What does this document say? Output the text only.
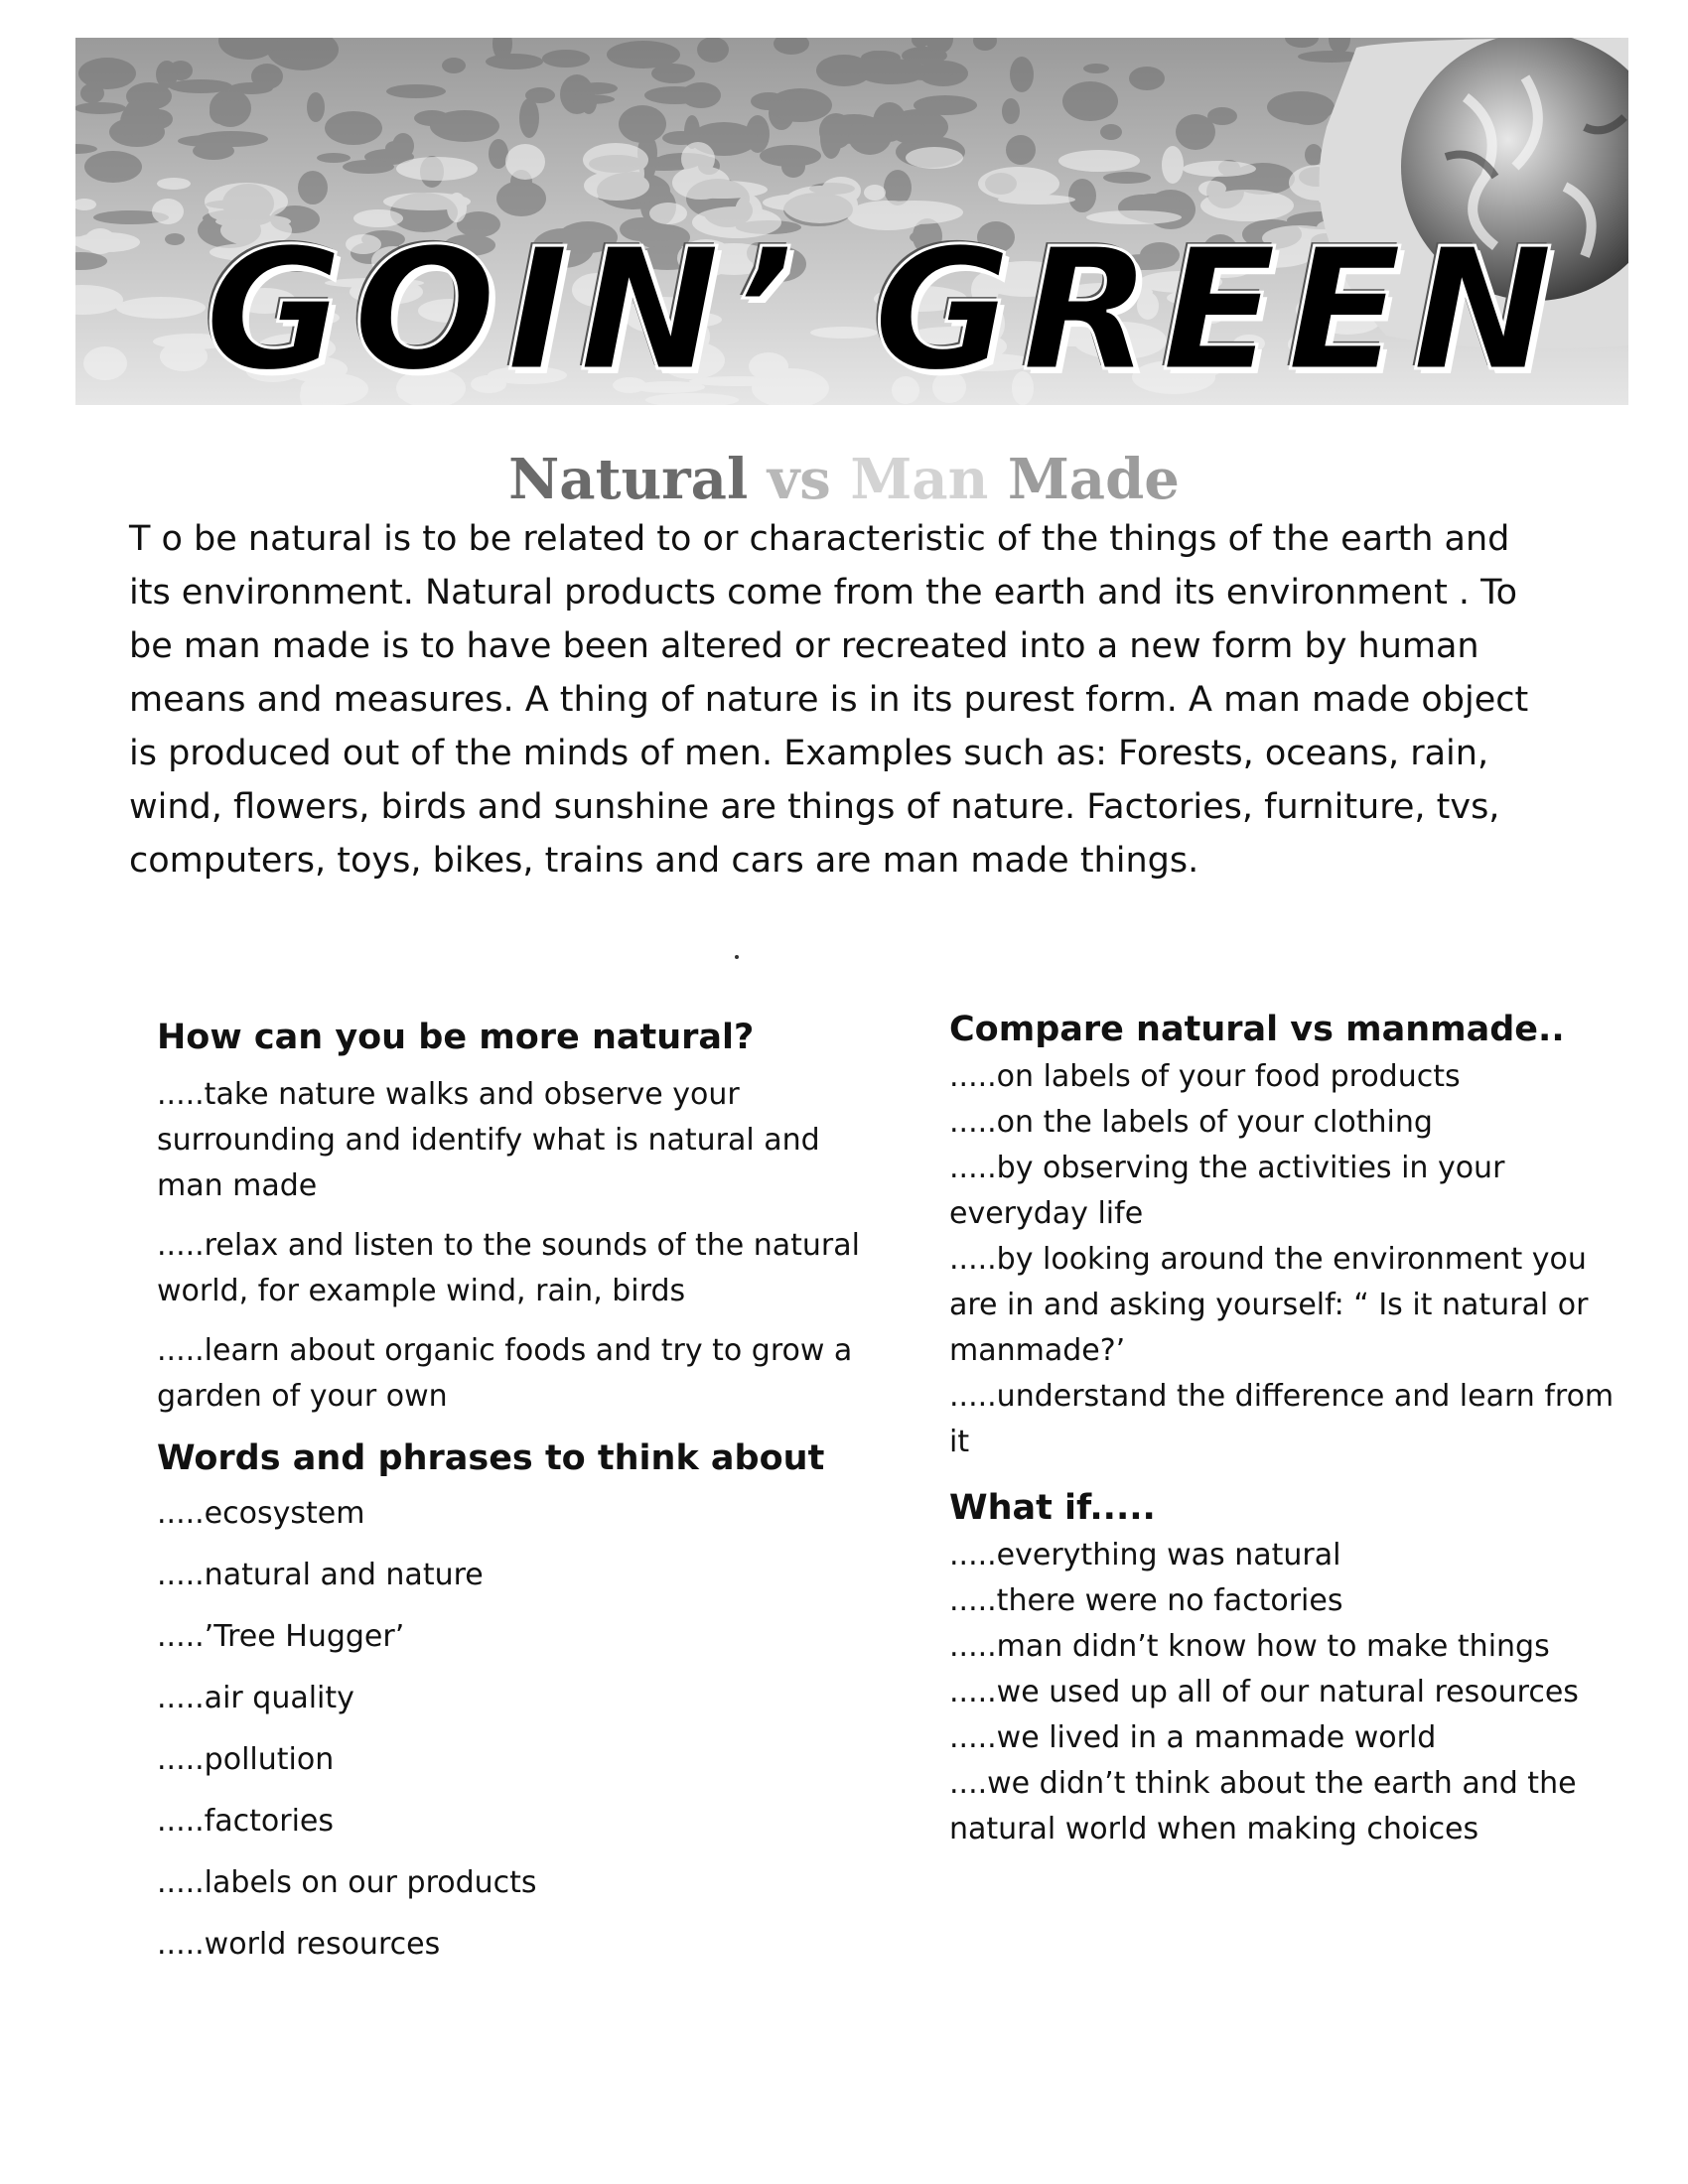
GOIN’ GREEN
Natural vs Man Made

T o be natural is to be related to or characteristic of the things of the earth and

its environment. Natural products come from the earth and its environment . To

be man made is to have been altered or recreated into a new form by human

means and measures. A thing of nature is in its purest form. A man made object

is produced out of the minds of men. Examples such as: Forests, oceans, rain,

wind, flowers, birds and sunshine are things of nature. Factories, furniture, tvs,

computers, toys, bikes, trains and cars are man made things.

How can you be more natural?

.....take nature walks and observe your surrounding and identify what is natural and man made

.....relax and listen to the sounds of the natural world, for example wind, rain, birds

.....learn about organic foods and try to grow a garden of your own

Words and phrases to think about

.....ecosystem

.....natural and nature

.....’Tree Hugger’

.....air quality

.....pollution

.....factories

.....labels on our products

.....world resources

Compare natural vs manmade..

.....on labels of your food products

.....on the labels of your clothing

.....by observing the activities in your everyday life

.....by looking around the environment you are in and asking yourself: “ Is it natural or manmade?’

.....understand the difference and learn from it

What if.....

.....everything was natural

.....there were no factories

.....man didn’t know how to make things

.....we used up all of our natural resources

.....we lived in a manmade world

....we didn’t think about the earth and the natural world when making choices
